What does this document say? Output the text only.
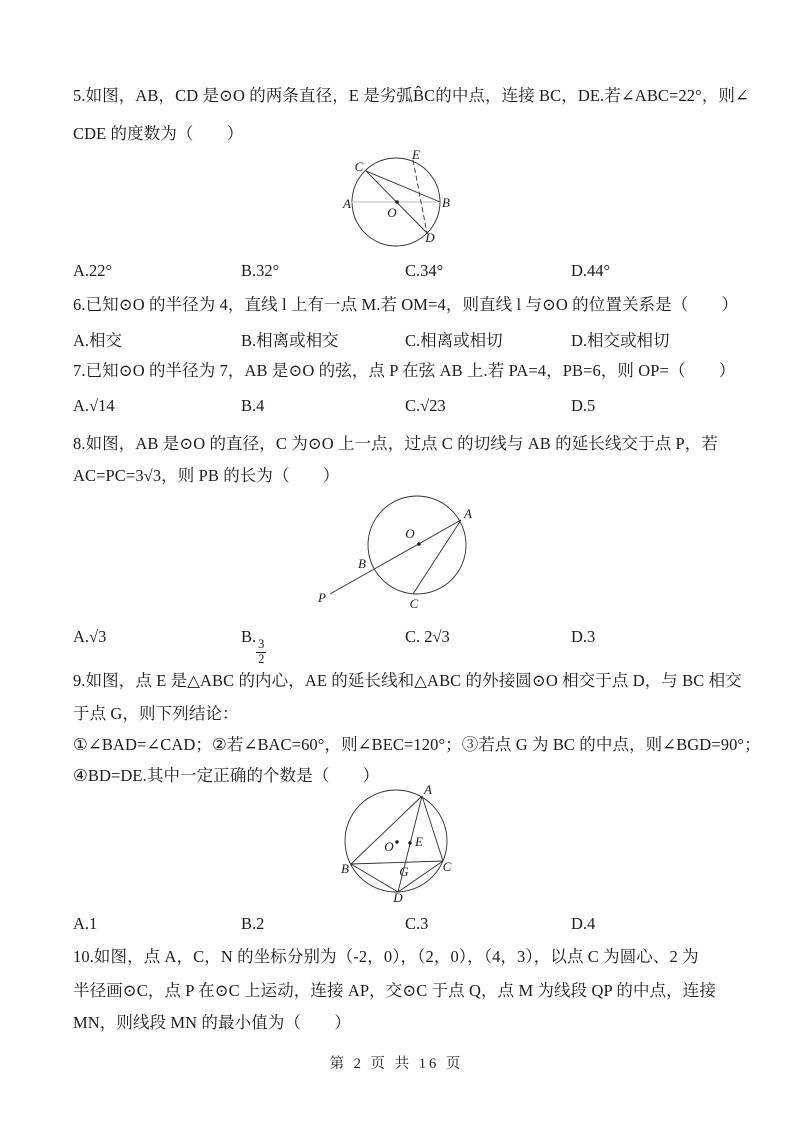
5.如图，AB，CD 是⊙O 的两条直径，E 是劣弧B̂C的中点，连接 BC，DE.若∠ABC=22°，则∠
CDE 的度数为（　　）
A	B
C
E
D
O
A.22°	B.32°	C.34°	D.44°
6.已知⊙O 的半径为 4，直线 l 上有一点 M.若 OM=4，则直线 l 与⊙O 的位置关系是（　　）
A.相交	B.相离或相交	C.相离或相切	D.相交或相切
7.已知⊙O 的半径为 7，AB 是⊙O 的弦，点 P 在弦 AB 上.若 PA=4，PB=6，则 OP=（　　）
A.√14	B.4	C.√23	D.5
8.如图，AB 是⊙O 的直径，C 为⊙O 上一点，过点 C 的切线与 AB 的延长线交于点 P，若
AC=PC=3√3，则 PB 的长为（　　）
O
A
B
P	C
A.√3	B.
$\frac{3}{2}$
C. 2√3	D.3
9.如图，点 E 是△ABC 的内心，AE 的延长线和△ABC 的外接圆⊙O 相交于点 D，与 BC 相交
于点 G，则下列结论：
①∠BAD=∠CAD；②若∠BAC=60°，则∠BEC=120°；③若点 G 为 BC 的中点，则∠BGD=90°；
④BD=DE.其中一定正确的个数是（　　）
A
B	C
D
O E
G
A.1	B.2	C.3	D.4
10.如图，点 A，C，N 的坐标分别为（-2，0），（2，0），（4，3），以点 C 为圆心、2 为
半径画⊙C，点 P 在⊙C 上运动，连接 AP，交⊙C 于点 Q，点 M 为线段 QP 的中点，连接
MN，则线段 MN 的最小值为（　　）
第 2 页 共 16 页
